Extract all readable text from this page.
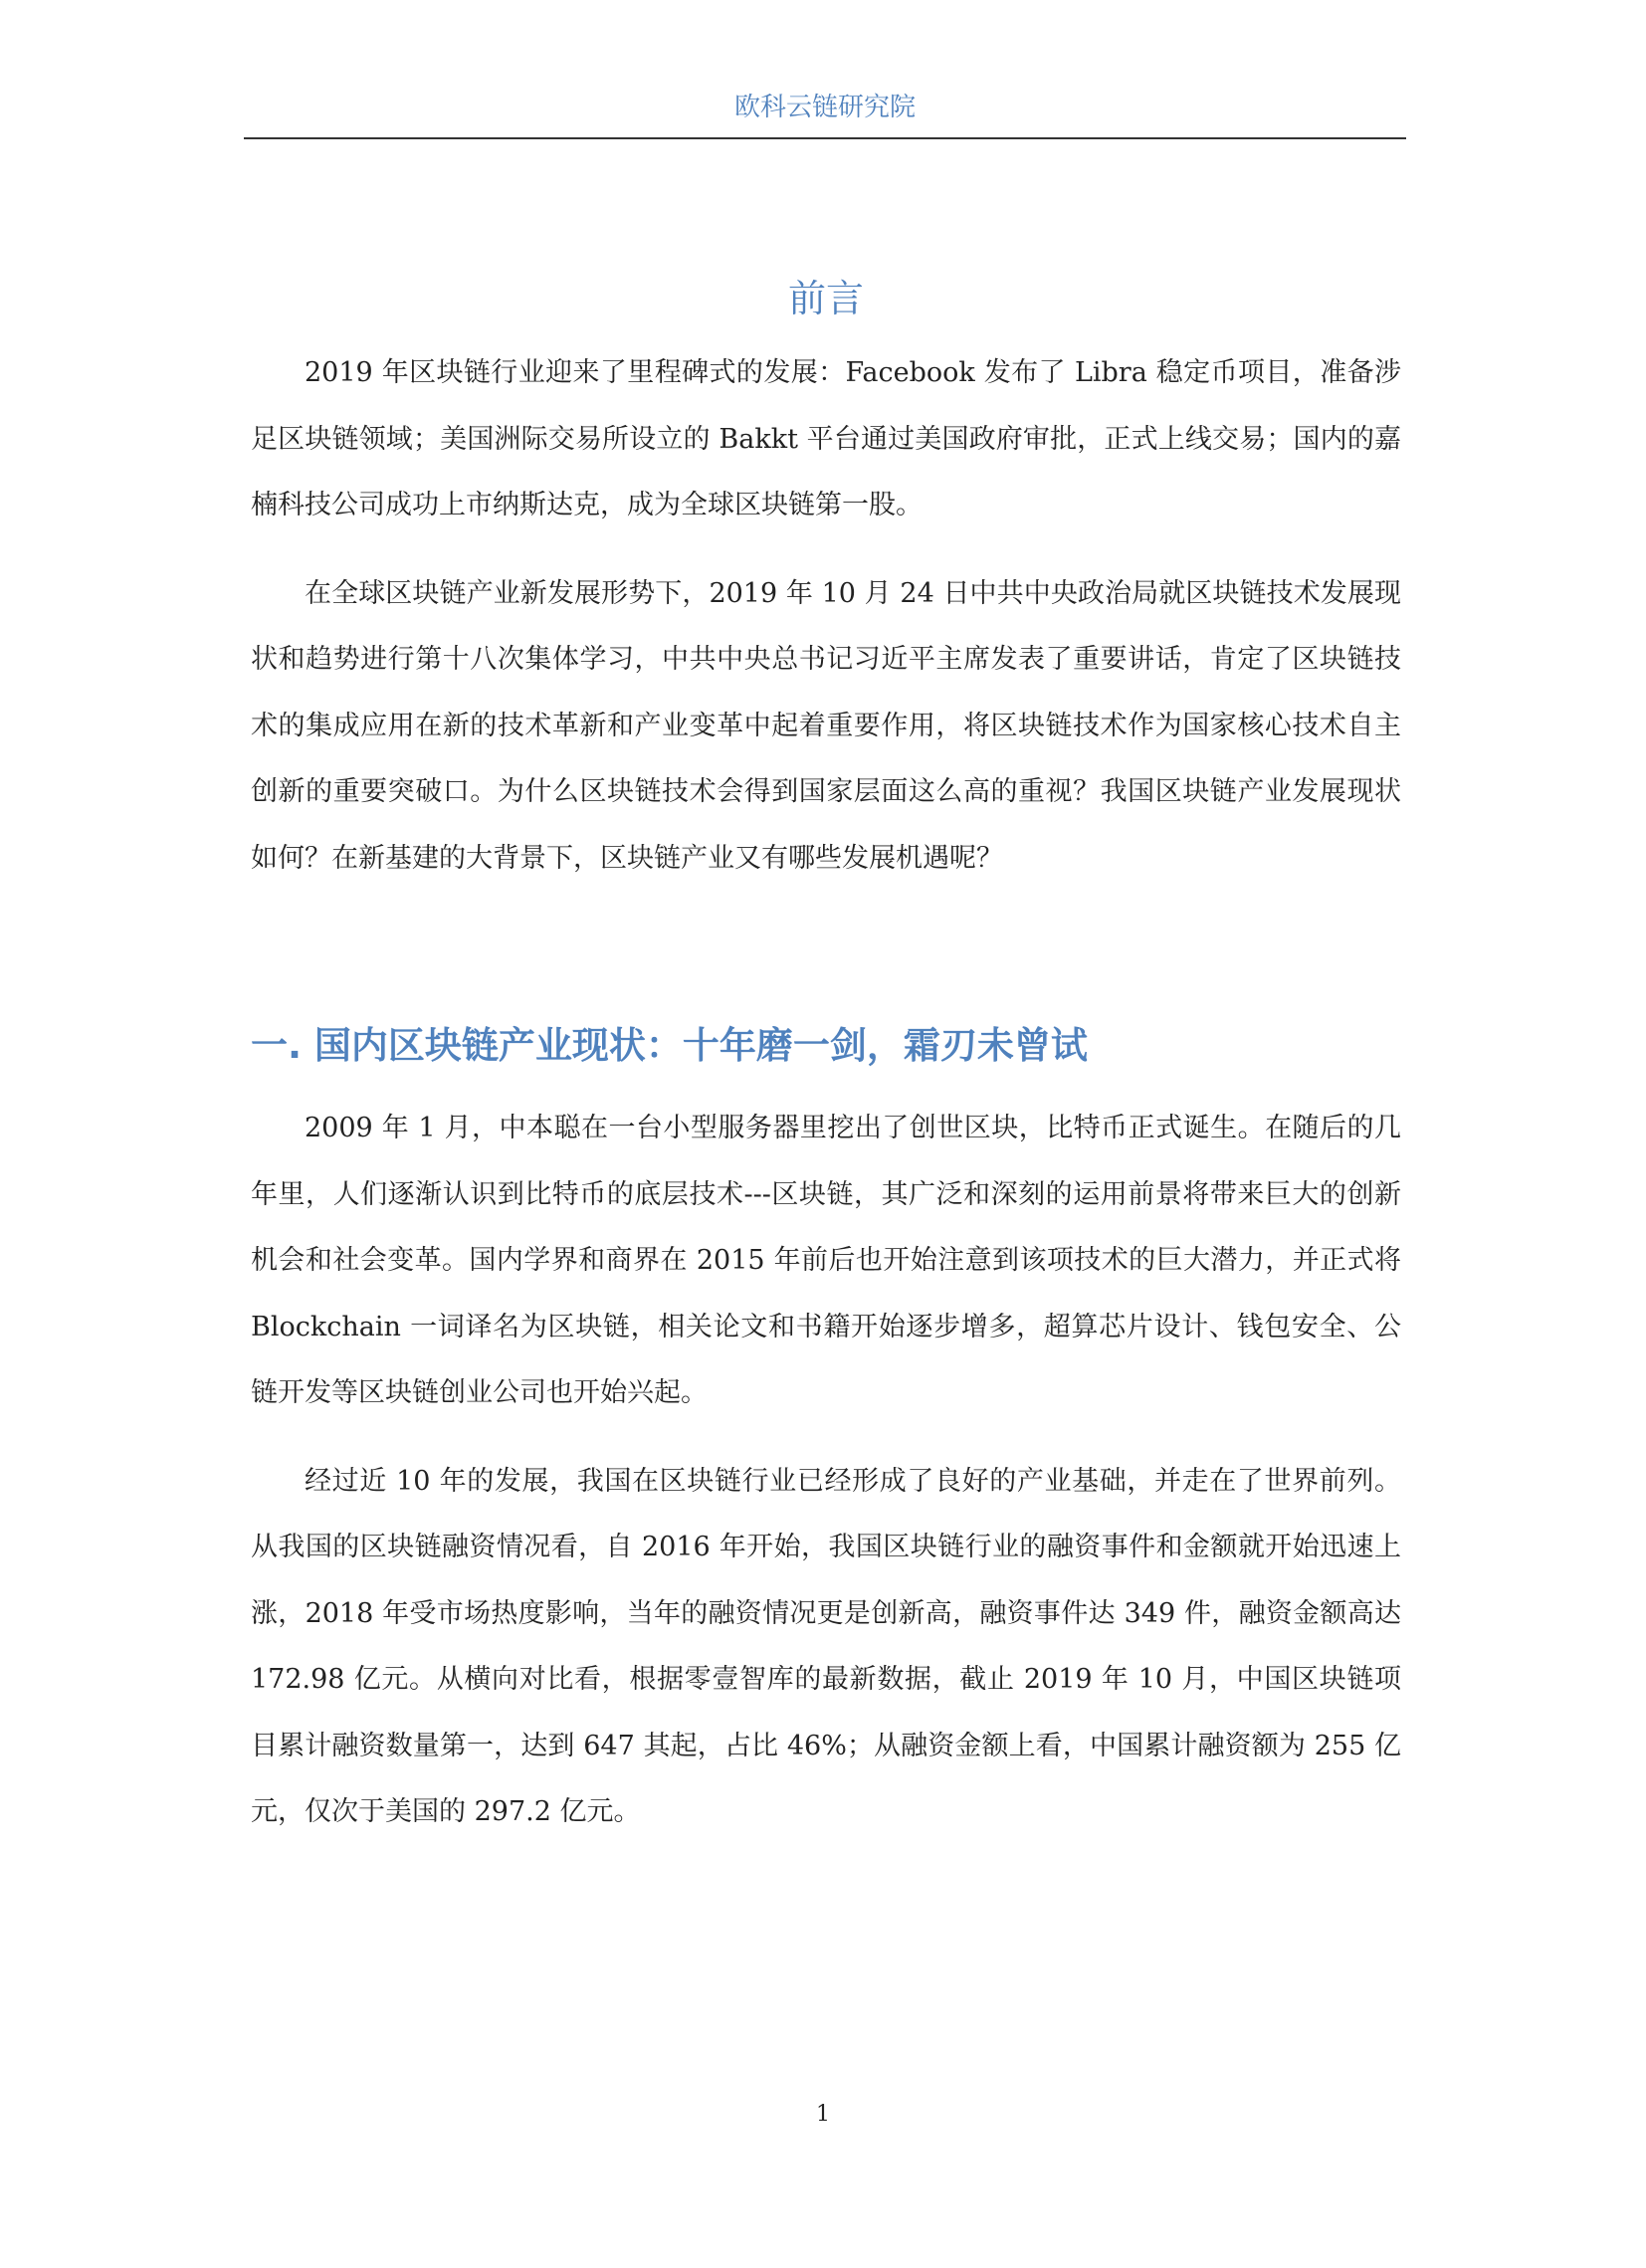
欧科云链研究院
前言

2019 年区块链行业迎来了里程碑式的发展：Facebook 发布了 Libra 稳定币项目，准备涉足区块链领域；美国洲际交易所设立的 Bakkt 平台通过美国政府审批，正式上线交易；国内的嘉楠科技公司成功上市纳斯达克，成为全球区块链第一股。

在全球区块链产业新发展形势下，2019 年 10 月 24 日中共中央政治局就区块链技术发展现状和趋势进行第十八次集体学习，中共中央总书记习近平主席发表了重要讲话，肯定了区块链技术的集成应用在新的技术革新和产业变革中起着重要作用，将区块链技术作为国家核心技术自主创新的重要突破口。为什么区块链技术会得到国家层面这么高的重视？我国区块链产业发展现状如何？在新基建的大背景下，区块链产业又有哪些发展机遇呢？

一. 国内区块链产业现状：十年磨一剑，霜刃未曾试

2009 年 1 月，中本聪在一台小型服务器里挖出了创世区块，比特币正式诞生。在随后的几年里，人们逐渐认识到比特币的底层技术---区块链，其广泛和深刻的运用前景将带来巨大的创新机会和社会变革。国内学界和商界在 2015 年前后也开始注意到该项技术的巨大潜力，并正式将 Blockchain 一词译名为区块链，相关论文和书籍开始逐步增多，超算芯片设计、钱包安全、公链开发等区块链创业公司也开始兴起。

经过近 10 年的发展，我国在区块链行业已经形成了良好的产业基础，并走在了世界前列。从我国的区块链融资情况看，自 2016 年开始，我国区块链行业的融资事件和金额就开始迅速上涨，2018 年受市场热度影响，当年的融资情况更是创新高，融资事件达 349 件，融资金额高达 172.98 亿元。从横向对比看，根据零壹智库的最新数据，截止 2019 年 10 月，中国区块链项目累计融资数量第一，达到 647 其起，占比 46%；从融资金额上看，中国累计融资额为 255 亿元，仅次于美国的 297.2 亿元。

1
